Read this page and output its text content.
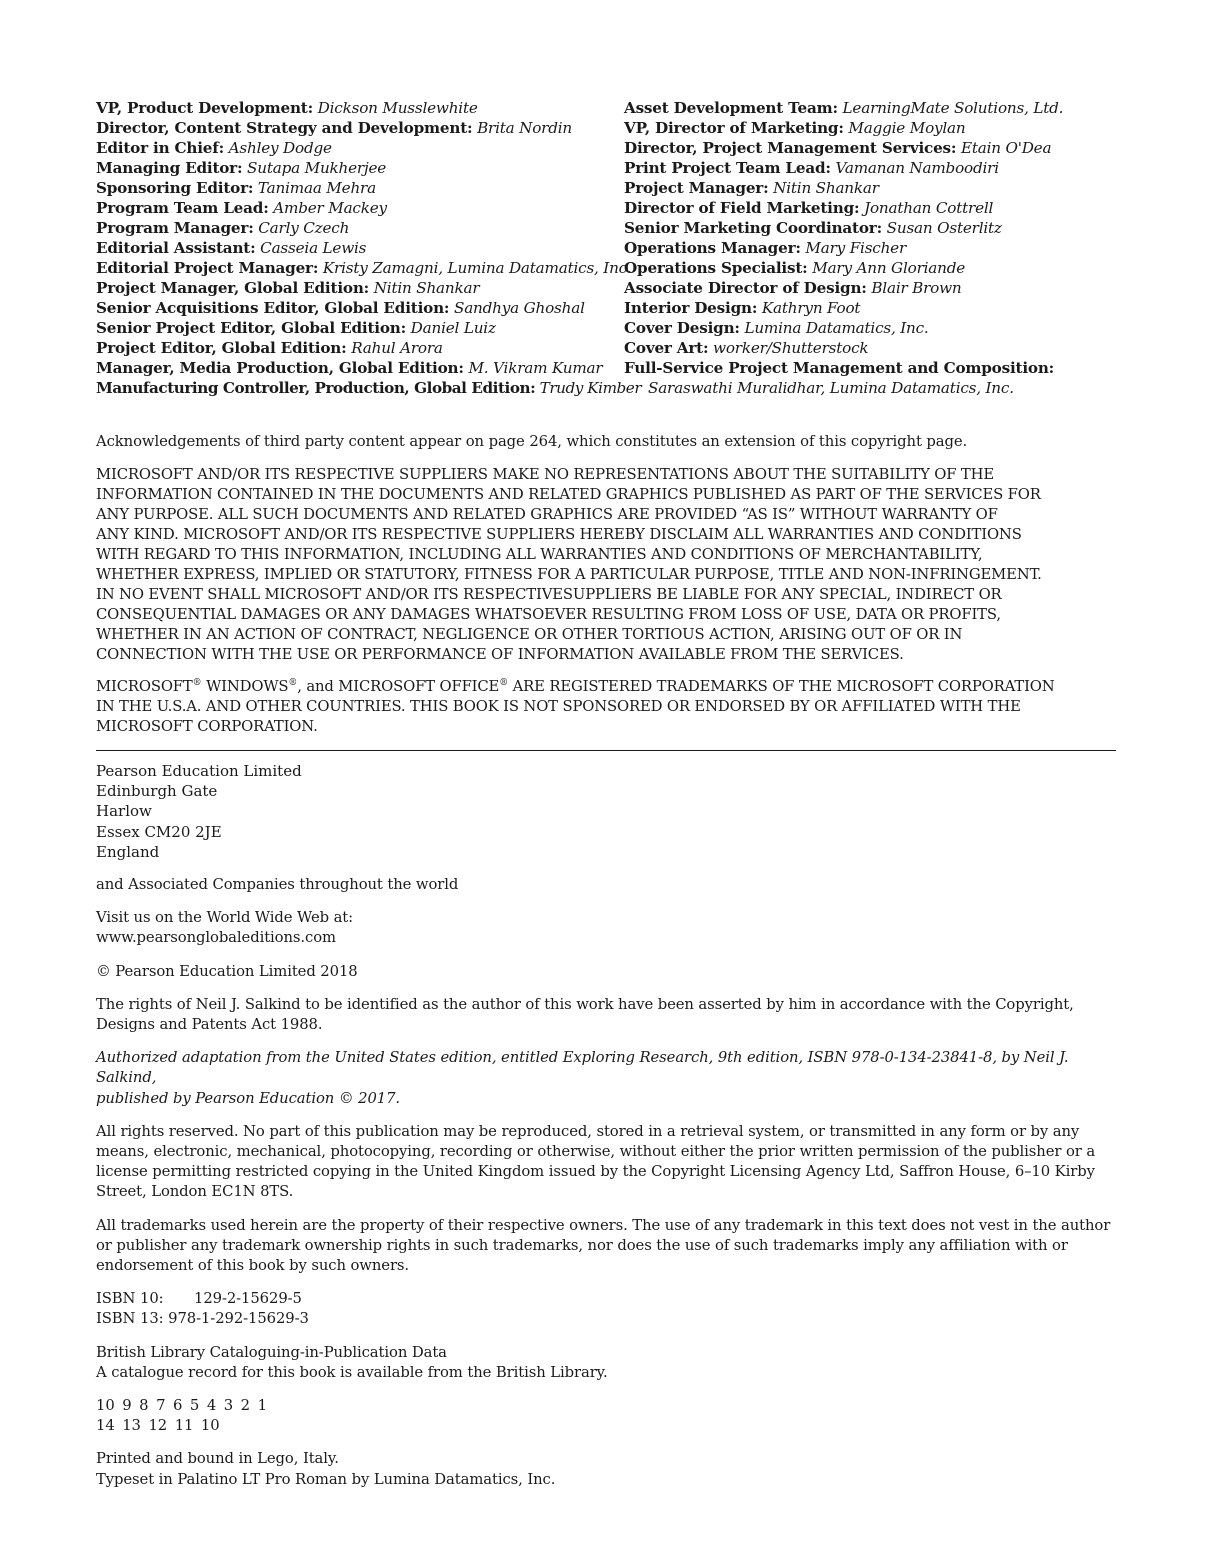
VP, Product Development: Dickson Musslewhite
Director, Content Strategy and Development: Brita Nordin
Editor in Chief: Ashley Dodge
Managing Editor: Sutapa Mukherjee
Sponsoring Editor: Tanimaa Mehra
Program Team Lead: Amber Mackey
Program Manager: Carly Czech
Editorial Assistant: Casseia Lewis
Editorial Project Manager: Kristy Zamagni, Lumina Datamatics, Inc.
Project Manager, Global Edition: Nitin Shankar
Senior Acquisitions Editor, Global Edition: Sandhya Ghoshal
Senior Project Editor, Global Edition: Daniel Luiz
Project Editor, Global Edition: Rahul Arora
Manager, Media Production, Global Edition: M. Vikram Kumar
Manufacturing Controller, Production, Global Edition: Trudy Kimber
Asset Development Team: LearningMate Solutions, Ltd.
VP, Director of Marketing: Maggie Moylan
Director, Project Management Services: Etain O'Dea
Print Project Team Lead: Vamanan Namboodiri
Project Manager: Nitin Shankar
Director of Field Marketing: Jonathan Cottrell
Senior Marketing Coordinator: Susan Osterlitz
Operations Manager: Mary Fischer
Operations Specialist: Mary Ann Gloriande
Associate Director of Design: Blair Brown
Interior Design: Kathryn Foot
Cover Design: Lumina Datamatics, Inc.
Cover Art: worker/Shutterstock
Full-Service Project Management and Composition:
Saraswathi Muralidhar, Lumina Datamatics, Inc.
Acknowledgements of third party content appear on page 264, which constitutes an extension of this copyright page.
MICROSOFT AND/OR ITS RESPECTIVE SUPPLIERS MAKE NO REPRESENTATIONS ABOUT THE SUITABILITY OF THE
INFORMATION CONTAINED IN THE DOCUMENTS AND RELATED GRAPHICS PUBLISHED AS PART OF THE SERVICES FOR
ANY PURPOSE. ALL SUCH DOCUMENTS AND RELATED GRAPHICS ARE PROVIDED “AS IS” WITHOUT WARRANTY OF
ANY KIND. MICROSOFT AND/OR ITS RESPECTIVE SUPPLIERS HEREBY DISCLAIM ALL WARRANTIES AND CONDITIONS
WITH REGARD TO THIS INFORMATION, INCLUDING ALL WARRANTIES AND CONDITIONS OF MERCHANTABILITY,
WHETHER EXPRESS, IMPLIED OR STATUTORY, FITNESS FOR A PARTICULAR PURPOSE, TITLE AND NON-INFRINGEMENT.
IN NO EVENT SHALL MICROSOFT AND/OR ITS RESPECTIVESUPPLIERS BE LIABLE FOR ANY SPECIAL, INDIRECT OR
CONSEQUENTIAL DAMAGES OR ANY DAMAGES WHATSOEVER RESULTING FROM LOSS OF USE, DATA OR PROFITS,
WHETHER IN AN ACTION OF CONTRACT, NEGLIGENCE OR OTHER TORTIOUS ACTION, ARISING OUT OF OR IN
CONNECTION WITH THE USE OR PERFORMANCE OF INFORMATION AVAILABLE FROM THE SERVICES.
MICROSOFT® WINDOWS®, and MICROSOFT OFFICE® ARE REGISTERED TRADEMARKS OF THE MICROSOFT CORPORATION
IN THE U.S.A. AND OTHER COUNTRIES. THIS BOOK IS NOT SPONSORED OR ENDORSED BY OR AFFILIATED WITH THE
MICROSOFT CORPORATION.
Pearson Education Limited
Edinburgh Gate
Harlow
Essex CM20 2JE
England
and Associated Companies throughout the world
Visit us on the World Wide Web at:
www.pearsonglobaleditions.com
© Pearson Education Limited 2018
The rights of Neil J. Salkind to be identified as the author of this work have been asserted by him in accordance with the Copyright,
Designs and Patents Act 1988.
Authorized adaptation from the United States edition, entitled Exploring Research, 9th edition, ISBN 978-0-134-23841-8, by Neil J. Salkind,
published by Pearson Education © 2017.
All rights reserved. No part of this publication may be reproduced, stored in a retrieval system, or transmitted in any form or by any
means, electronic, mechanical, photocopying, recording or otherwise, without either the prior written permission of the publisher or a
license permitting restricted copying in the United Kingdom issued by the Copyright Licensing Agency Ltd, Saffron House, 6–10 Kirby
Street, London EC1N 8TS.
All trademarks used herein are the property of their respective owners. The use of any trademark in this text does not vest in the author
or publisher any trademark ownership rights in such trademarks, nor does the use of such trademarks imply any affiliation with or
endorsement of this book by such owners.
ISBN 10:	129-2-15629-5
ISBN 13: 978-1-292-15629-3
British Library Cataloguing-in-Publication Data
A catalogue record for this book is available from the British Library.
10 9 8 7 6 5 4 3 2 1
14 13 12 11 10
Printed and bound in Lego, Italy.
Typeset in Palatino LT Pro Roman by Lumina Datamatics, Inc.
